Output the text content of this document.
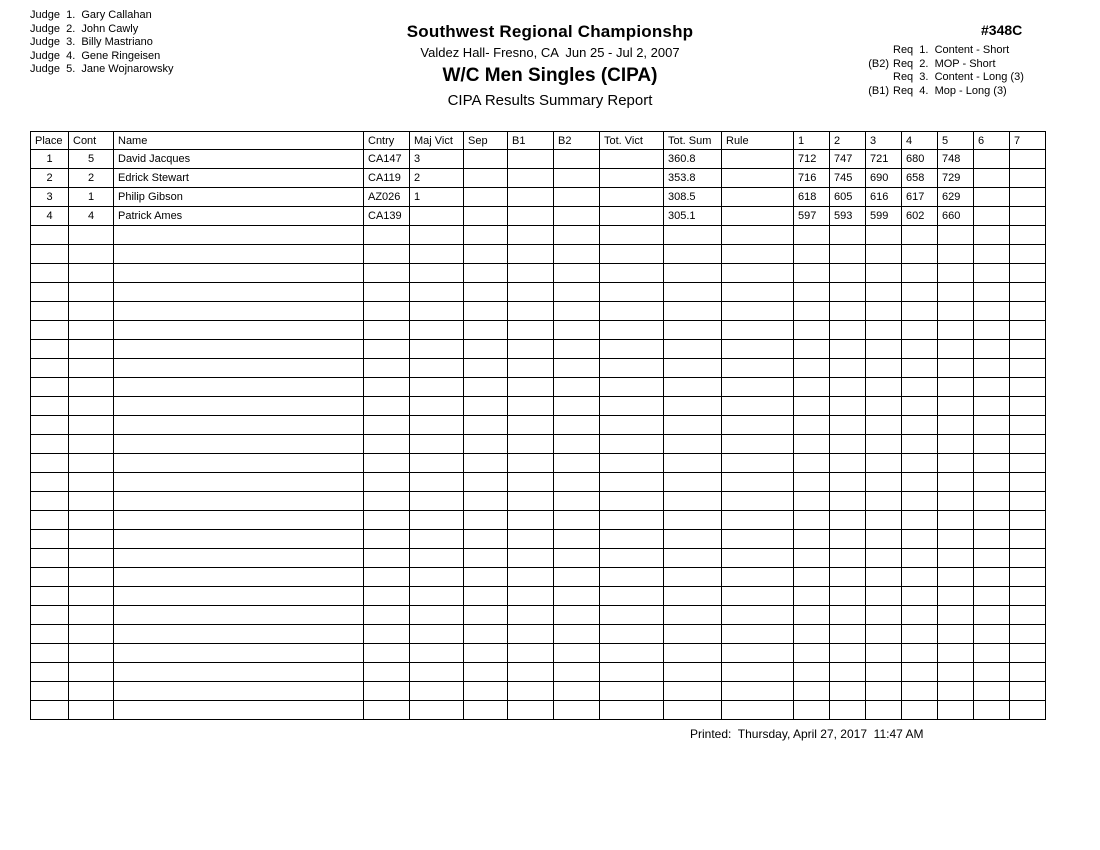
Judge  1.  Gary Callahan
Judge  2.  John Cawly
Judge  3.  Billy Mastriano
Judge  4.  Gene Ringeisen
Judge  5.  Jane Wojnarowsky
Southwest Regional Championshp
Valdez Hall- Fresno, CA  Jun 25 - Jul 2, 2007
W/C Men Singles (CIPA)
CIPA Results Summary Report
#348C
Req  1.  Content - Short
(B2) Req  2.  MOP - Short
Req  3.  Content - Long (3)
(B1) Req  4.  Mop - Long (3)
Place	Cont	Name	Cntry	Maj Vict	Sep	B1	B2	Tot. Vict	Tot. Sum	Rule	1	2	3	4	5	6	7
1	5	David Jacques	CA147	3					360.8		712	747	721	680	748		
2	2	Edrick Stewart	CA119	2					353.8		716	745	690	658	729		
3	1	Philip Gibson	AZ026	1					308.5		618	605	616	617	629		
4	4	Patrick Ames	CA139						305.1		597	593	599	602	660		

Printed:  Thursday, April 27, 2017  11:47 AM
